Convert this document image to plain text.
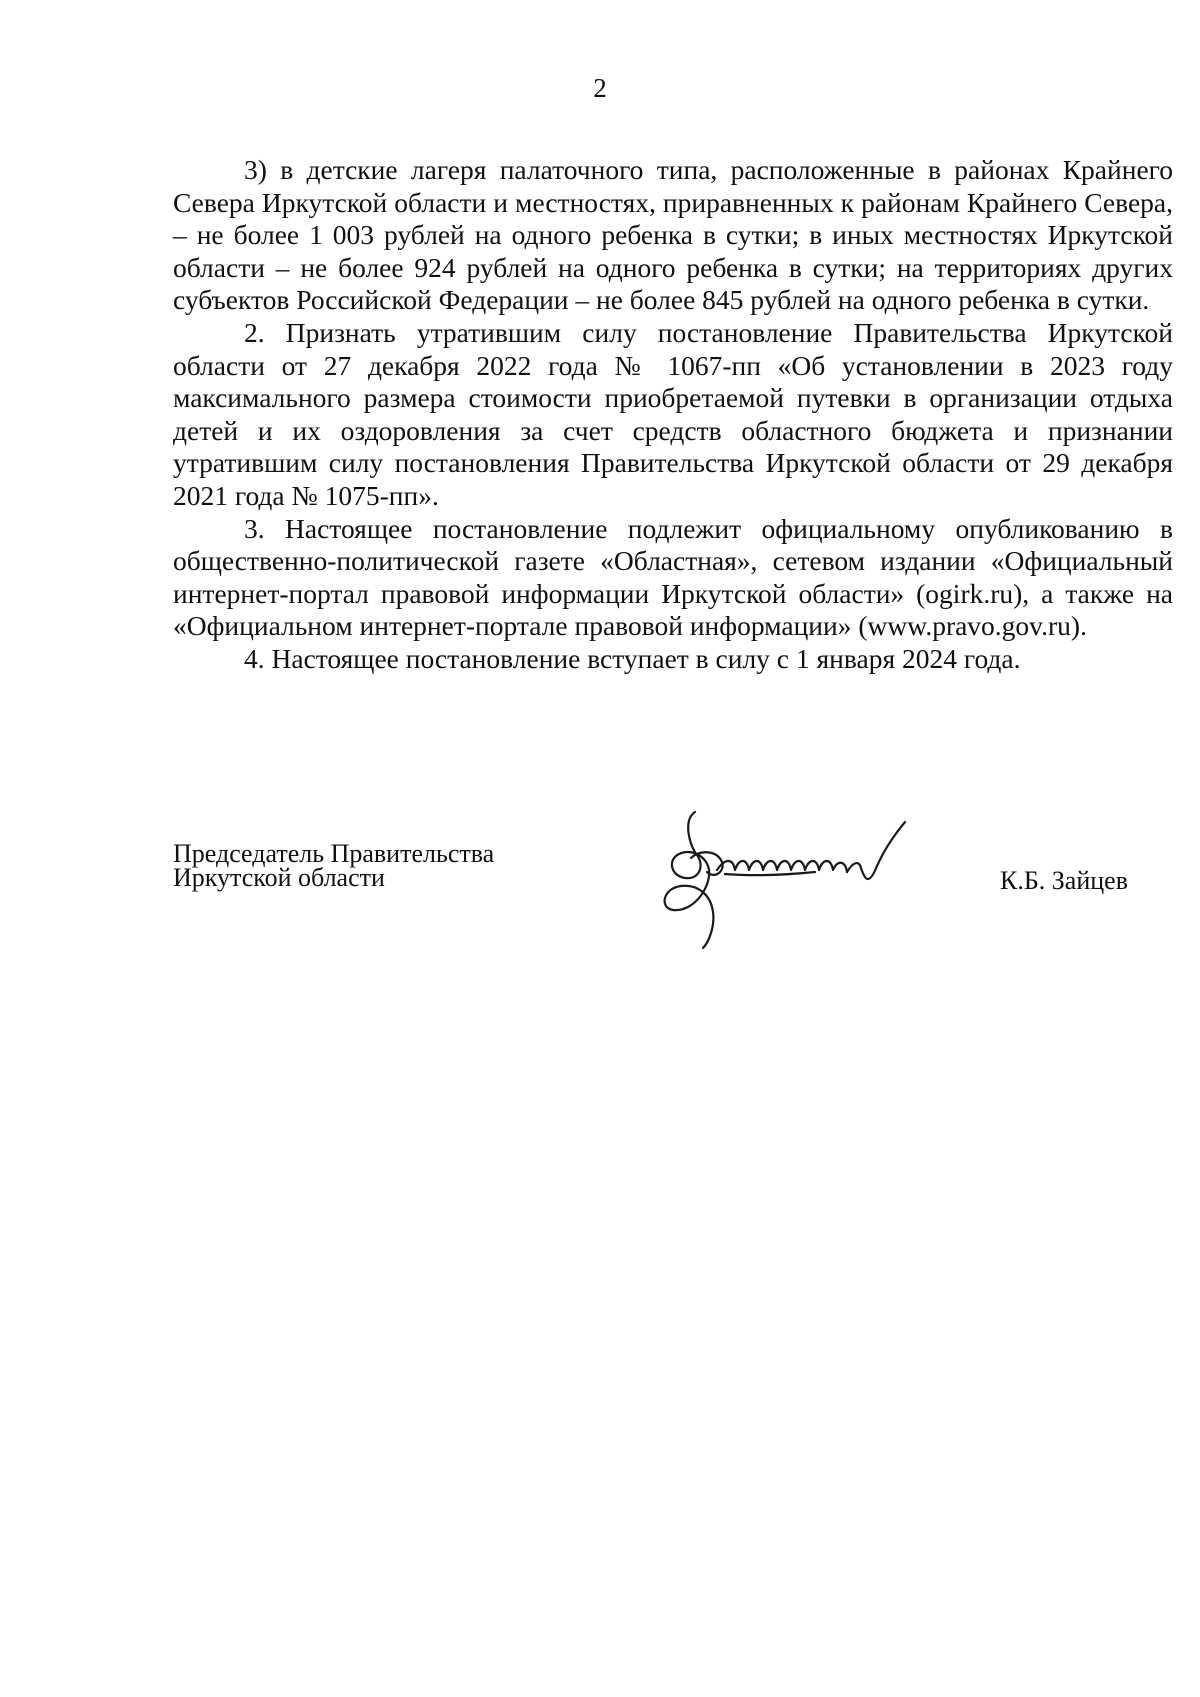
2

3) в детские лагеря палаточного типа, расположенные в районах Крайнего Севера Иркутской области и местностях, приравненных к районам Крайнего Севера, – не более 1 003 рублей на одного ребенка в сутки; в иных местностях Иркутской области – не более 924 рублей на одного ребенка в сутки; на территориях других субъектов Российской Федерации – не более 845 рублей на одного ребенка в сутки.

2. Признать утратившим силу постановление Правительства Иркутской области от 27 декабря 2022 года № 1067-пп «Об установлении в 2023 году максимального размера стоимости приобретаемой путевки в организации отдыха детей и их оздоровления за счет средств областного бюджета и признании утратившим силу постановления Правительства Иркутской области от 29 декабря 2021 года № 1075-пп».

3. Настоящее постановление подлежит официальному опубликованию в общественно-политической газете «Областная», сетевом издании «Официальный интернет-портал правовой информации Иркутской области» (ogirk.ru), а также на «Официальном интернет-портале правовой информации» (www.pravo.gov.ru).

4. Настоящее постановление вступает в силу с 1 января 2024 года.

Председатель Правительства
Иркутской области	К.Б. Зайцев
